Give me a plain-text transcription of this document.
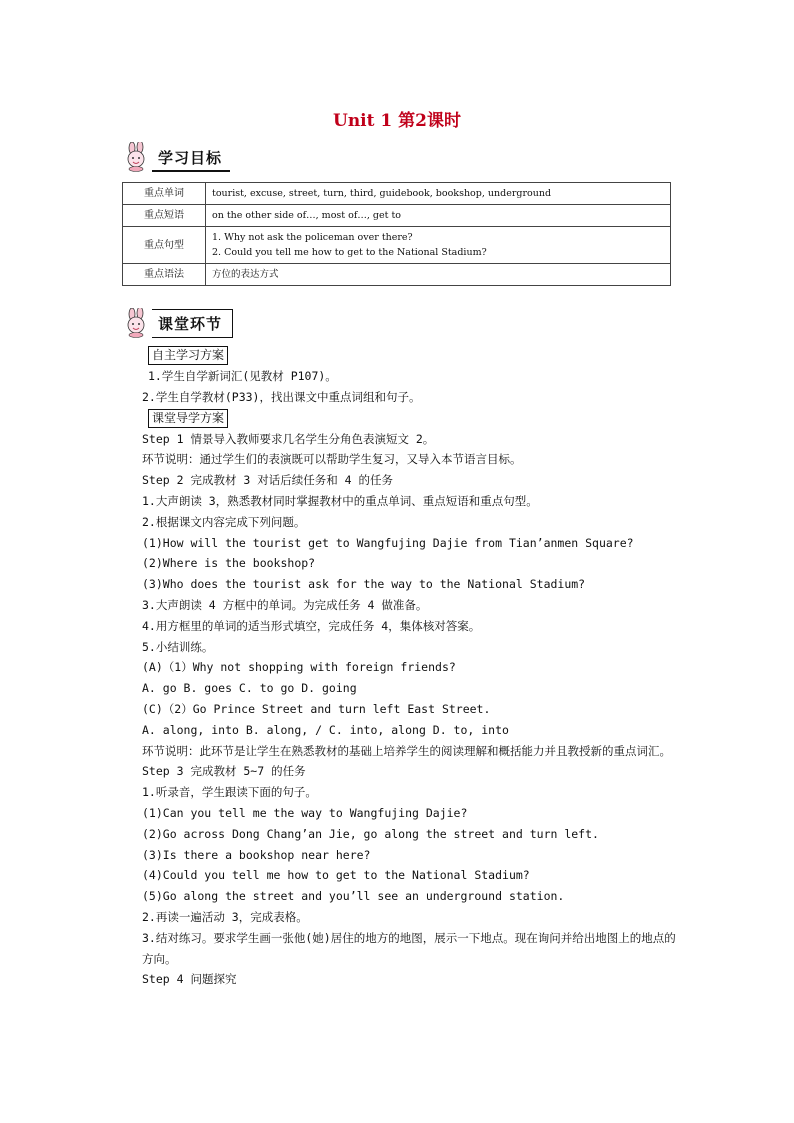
Unit 1 第2课时
学习目标
重点单词	tourist, excuse, street, turn, third, guidebook, bookshop, underground

重点短语	on the other side of…, most of…, get to

重点句型	1. Why not ask the policeman over there?
2. Could you tell me how to get to the National Stadium?

重点语法	方位的表达方式
课堂环节
自主学习方案
1.学生自学新词汇(见教材 P107)。
2.学生自学教材(P33)，找出课文中重点词组和句子。
课堂导学方案
Step 1 情景导入教师要求几名学生分角色表演短文 2。
环节说明：通过学生们的表演既可以帮助学生复习，又导入本节语言目标。
Step 2 完成教材 3 对话后续任务和 4 的任务
1.大声朗读 3，熟悉教材同时掌握教材中的重点单词、重点短语和重点句型。
2.根据课文内容完成下列问题。
(1)How will the tourist get to Wangfujing Dajie from Tian’anmen Square?
(2)Where is the bookshop?
(3)Who does the tourist ask for the way to the National Stadium?
3.大声朗读 4 方框中的单词。为完成任务 4 做准备。
4.用方框里的单词的适当形式填空，完成任务 4，集体核对答案。
5.小结训练。
(A)（1）Why not shopping with foreign friends?
A. go B. goes C. to go D. going
(C)（2）Go Prince Street and turn left East Street.
A. along, into B. along, / C. into, along D. to, into
环节说明：此环节是让学生在熟悉教材的基础上培养学生的阅读理解和概括能力并且教授新的重点词汇。
Step 3 完成教材 5~7 的任务
1.听录音，学生跟读下面的句子。
(1)Can you tell me the way to Wangfujing Dajie?
(2)Go across Dong Chang’an Jie, go along the street and turn left.
(3)Is there a bookshop near here?
(4)Could you tell me how to get to the National Stadium?
(5)Go along the street and you’ll see an underground station.
2.再读一遍活动 3，完成表格。
3.结对练习。要求学生画一张他(她)居住的地方的地图，展示一下地点。现在询问并给出地图上的地点的方向。
Step 4 问题探究
